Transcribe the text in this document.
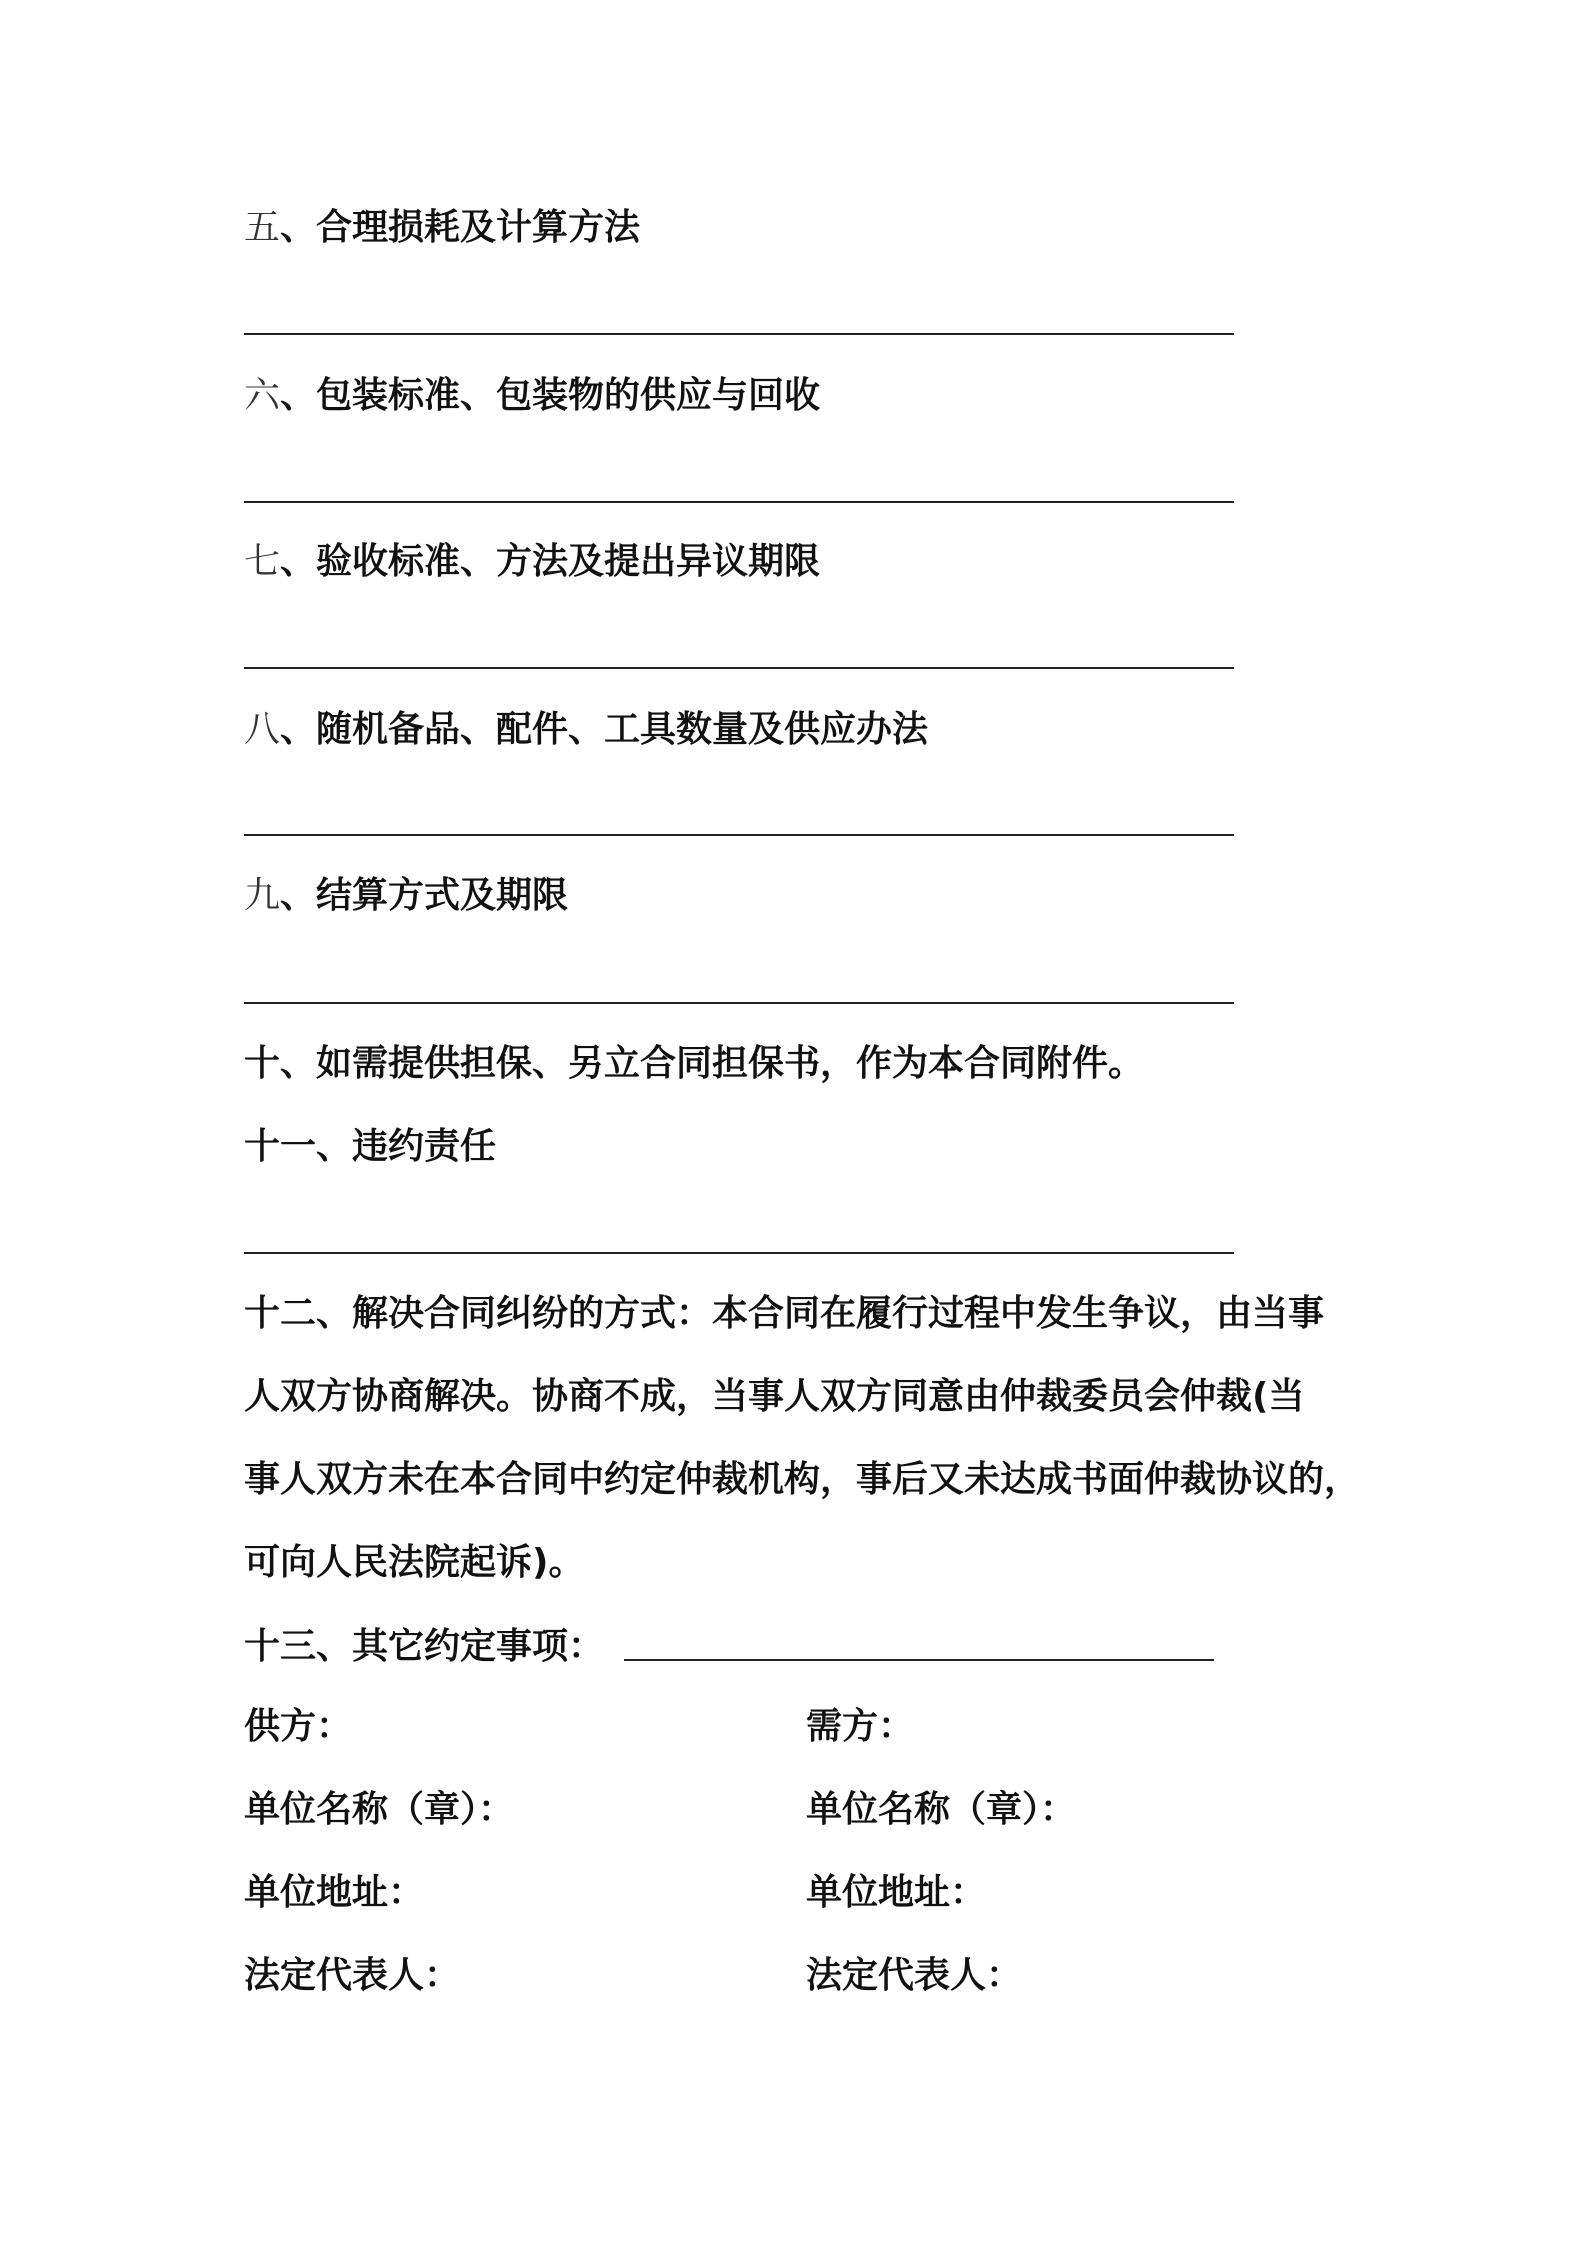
五、合理损耗及计算方法

六、包装标准、包装物的供应与回收

七、验收标准、方法及提出异议期限

八、随机备品、配件、工具数量及供应办法

九、结算方式及期限

十、如需提供担保、另立合同担保书，作为本合同附件。

十一、违约责任

十二、解决合同纠纷的方式：本合同在履行过程中发生争议，由当事

人双方协商解决。协商不成，当事人双方同意由仲裁委员会仲裁(当

事人双方未在本合同中约定仲裁机构，事后又未达成书面仲裁协议的，

可向人民法院起诉)。

十三、其它约定事项：

供方：

单位名称（章）：

单位地址：

法定代表人：

需方：

单位名称（章）：

单位地址：

法定代表人：
